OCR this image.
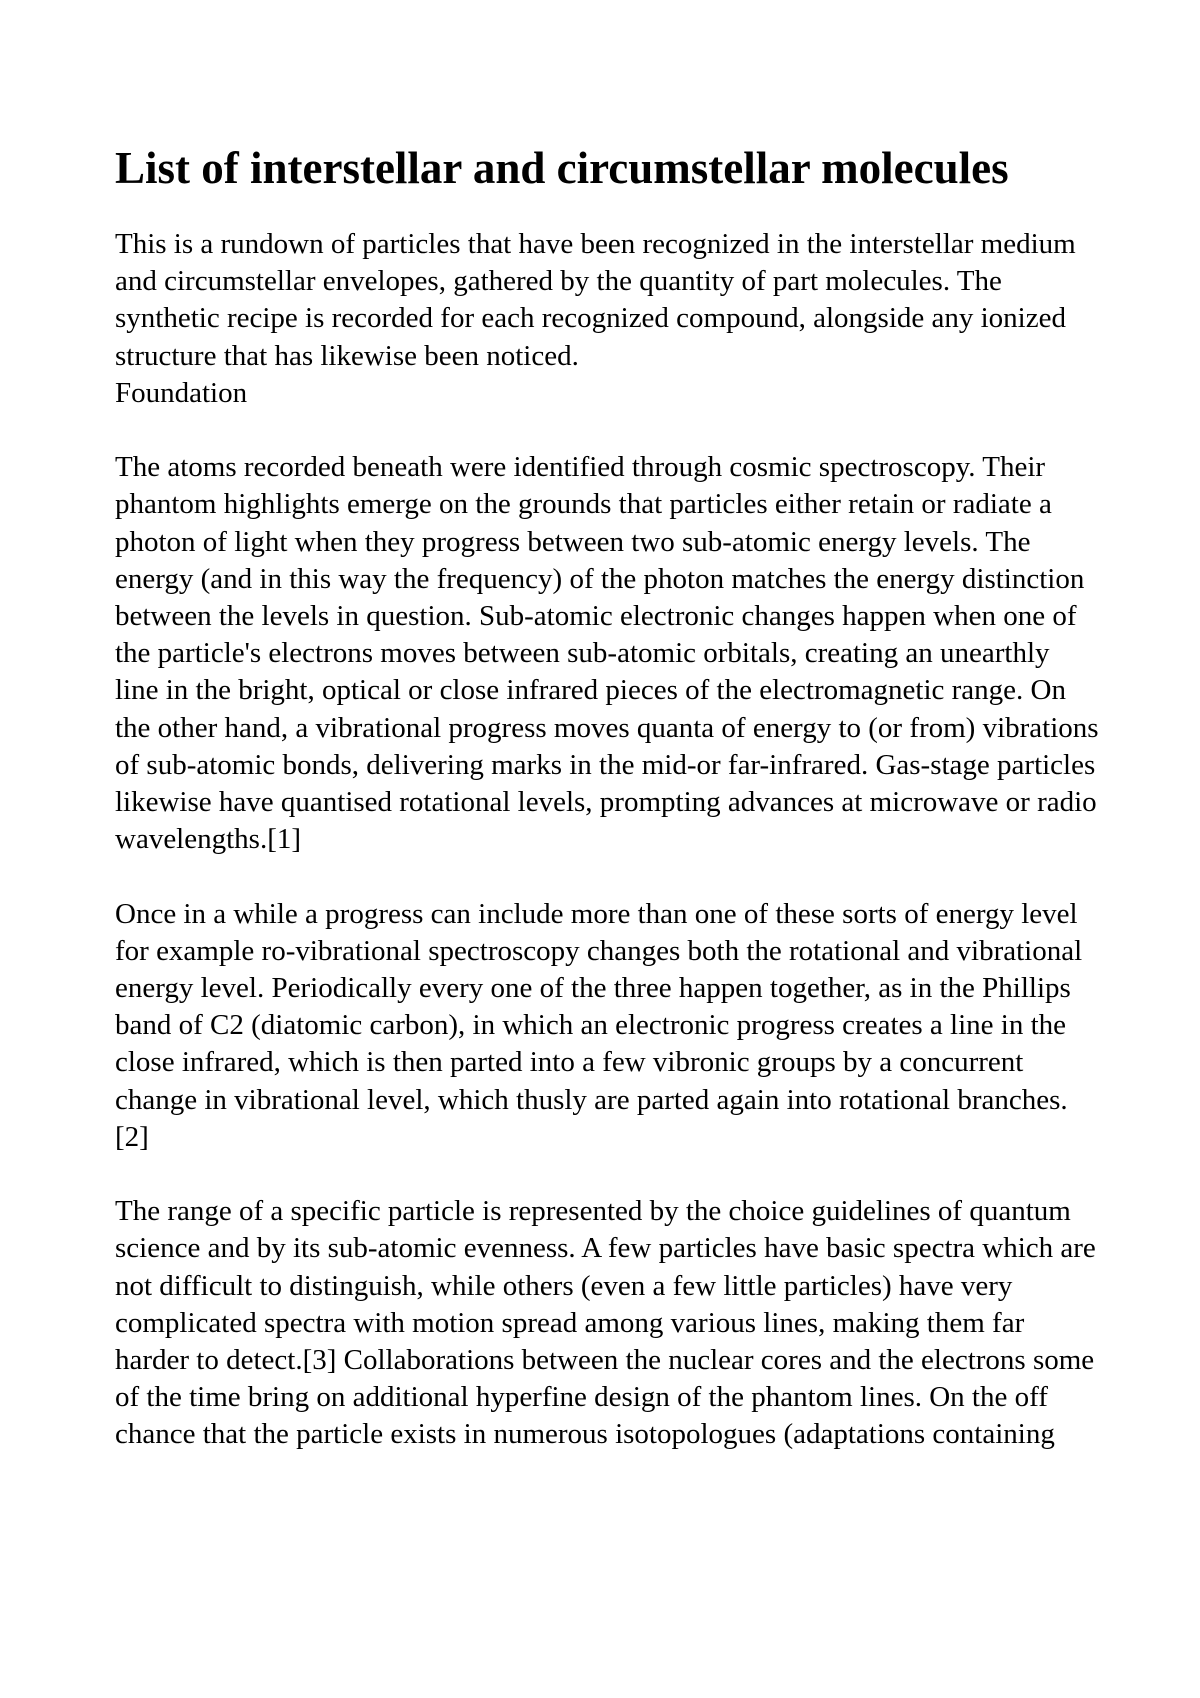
List of interstellar and circumstellar molecules

This is a rundown of particles that have been recognized in the interstellar medium and circumstellar envelopes, gathered by the quantity of part molecules. The synthetic recipe is recorded for each recognized compound, alongside any ionized structure that has likewise been noticed.

Foundation

The atoms recorded beneath were identified through cosmic spectroscopy. Their phantom highlights emerge on the grounds that particles either retain or radiate a photon of light when they progress between two sub-atomic energy levels. The energy (and in this way the frequency) of the photon matches the energy distinction between the levels in question. Sub-atomic electronic changes happen when one of the particle's electrons moves between sub-atomic orbitals, creating an unearthly line in the bright, optical or close infrared pieces of the electromagnetic range. On the other hand, a vibrational progress moves quanta of energy to (or from) vibrations of sub-atomic bonds, delivering marks in the mid-or far-infrared. Gas-stage particles likewise have quantised rotational levels, prompting advances at microwave or radio wavelengths.[1]

Once in a while a progress can include more than one of these sorts of energy level for example ro-vibrational spectroscopy changes both the rotational and vibrational energy level. Periodically every one of the three happen together, as in the Phillips band of C2 (diatomic carbon), in which an electronic progress creates a line in the close infrared, which is then parted into a few vibronic groups by a concurrent change in vibrational level, which thusly are parted again into rotational branches.[2]

The range of a specific particle is represented by the choice guidelines of quantum science and by its sub-atomic evenness. A few particles have basic spectra which are not difficult to distinguish, while others (even a few little particles) have very complicated spectra with motion spread among various lines, making them far harder to detect.[3] Collaborations between the nuclear cores and the electrons some of the time bring on additional hyperfine design of the phantom lines. On the off chance that the particle exists in numerous isotopologues (adaptations containing
